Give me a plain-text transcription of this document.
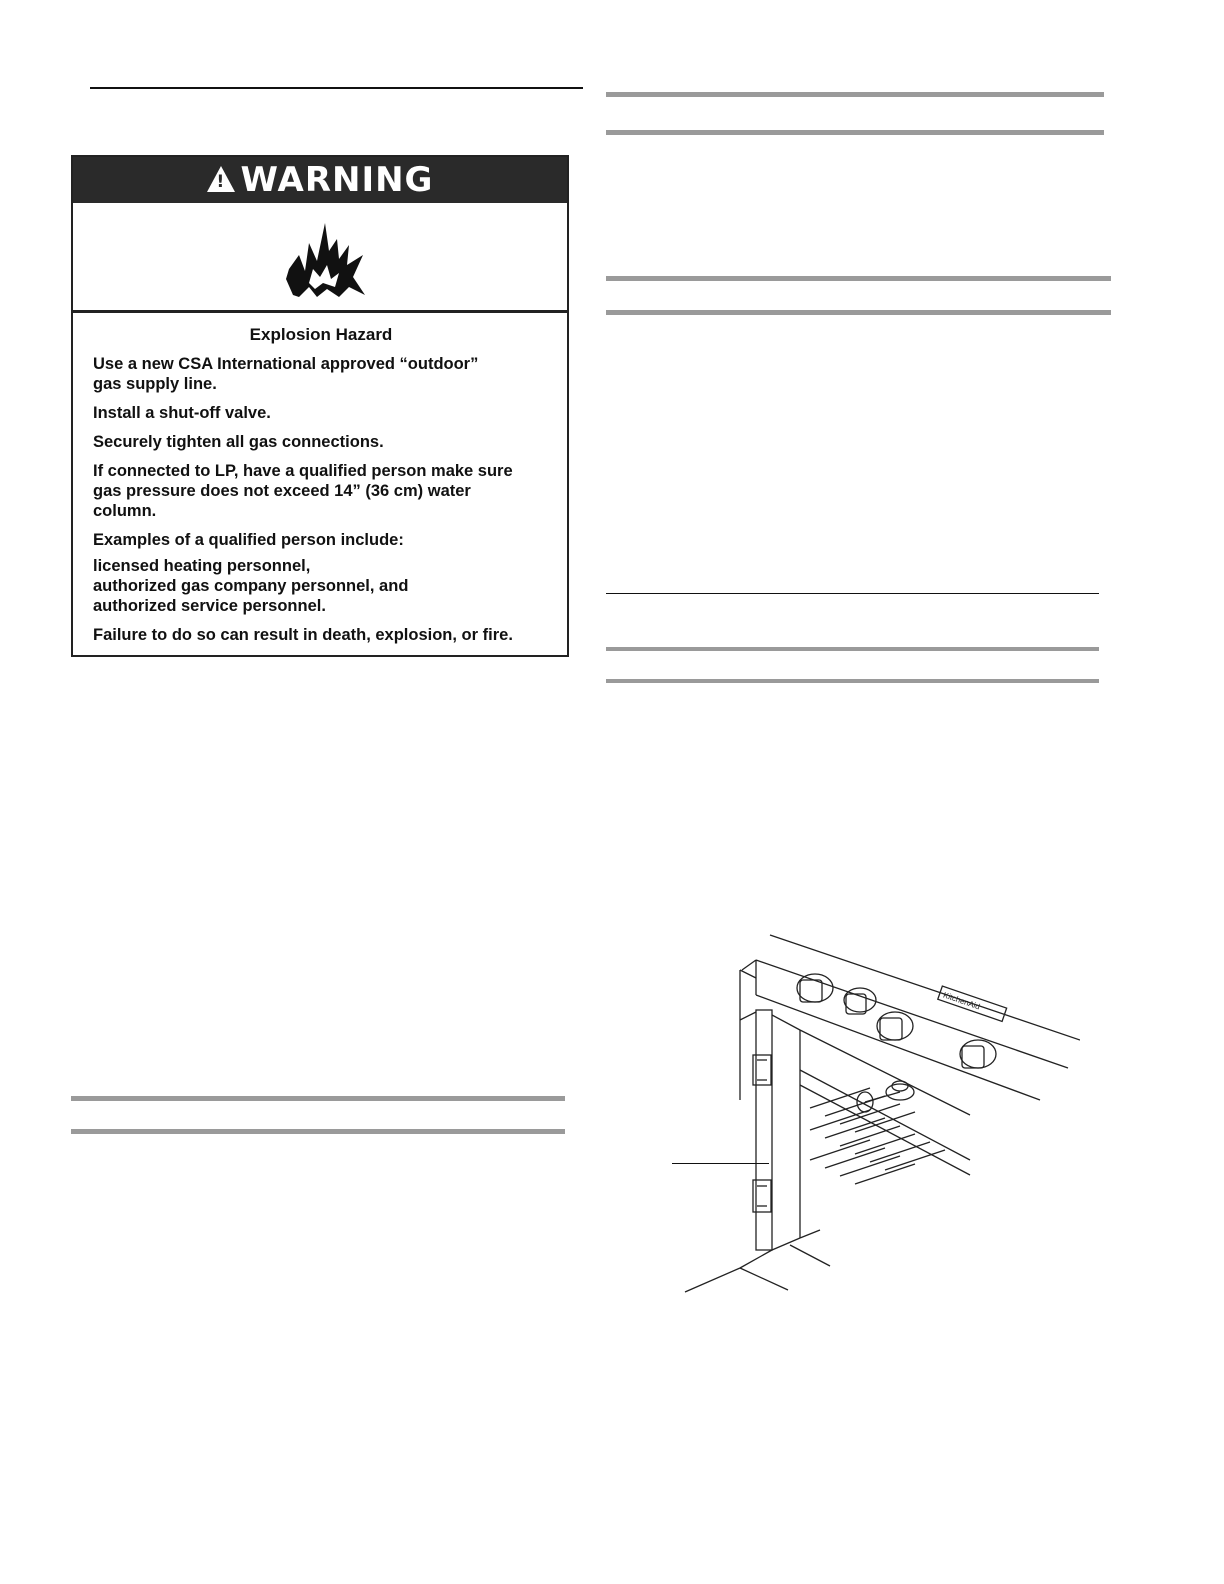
!
WARNING
Explosion Hazard

Use a new CSA International approved “outdoor”
gas supply line.

Install a shut-off valve.

Securely tighten all gas connections.

If connected to LP, have a qualified person make sure
gas pressure does not exceed 14” (36 cm) water
column.

Examples of a qualified person include:

licensed heating personnel,
authorized gas company personnel, and
authorized service personnel.

Failure to do so can result in death, explosion, or fire.

KitchenAid
